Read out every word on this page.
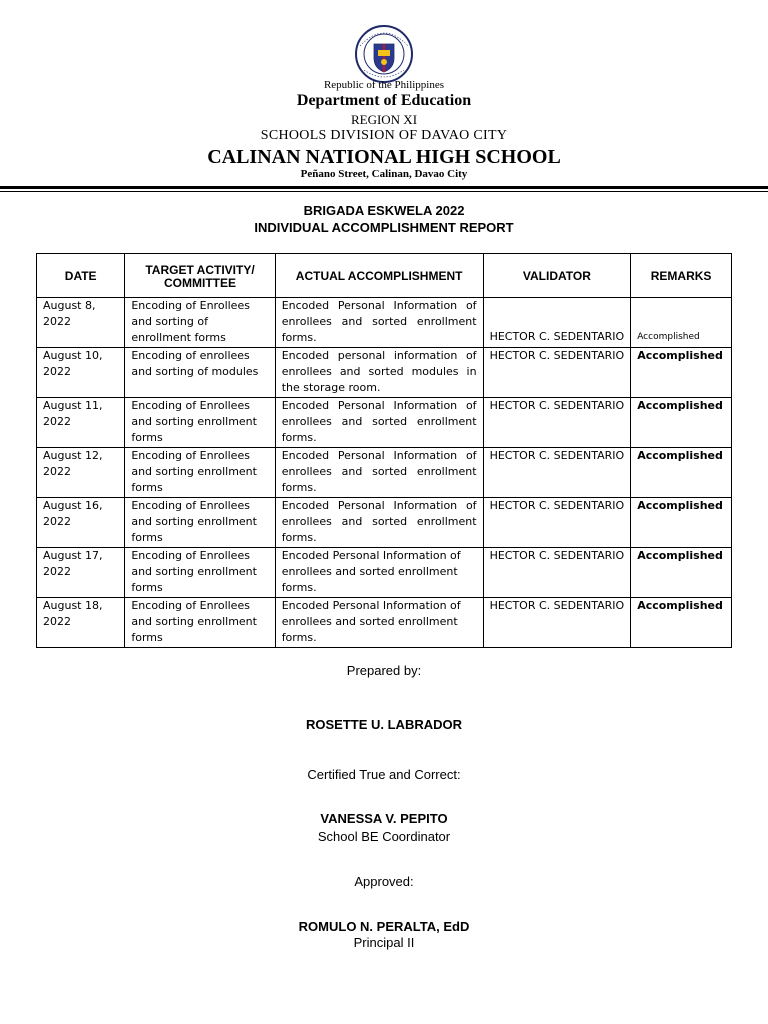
Republic of the Philippines
Department of Education
REGION XI
SCHOOLS DIVISION OF DAVAO CITY
CALINAN NATIONAL HIGH SCHOOL
Peñano Street, Calinan, Davao City
BRIGADA ESKWELA 2022
INDIVIDUAL ACCOMPLISHMENT REPORT
DATE	TARGET ACTIVITY/ COMMITTEE	ACTUAL ACCOMPLISHMENT	VALIDATOR	REMARKS
August 8, 2022	Encoding of Enrollees and sorting of enrollment forms	Encoded Personal Information of enrollees and sorted enrollment forms.	HECTOR C. SEDENTARIO	Accomplished
August 10, 2022	Encoding of enrollees and sorting of modules	Encoded personal information of enrollees and sorted modules in the storage room.	HECTOR C. SEDENTARIO	Accomplished
August 11, 2022	Encoding of Enrollees and sorting enrollment forms	Encoded Personal Information of enrollees and sorted enrollment forms.	HECTOR C. SEDENTARIO	Accomplished
August 12, 2022	Encoding of Enrollees and sorting enrollment forms	Encoded Personal Information of enrollees and sorted enrollment forms.	HECTOR C. SEDENTARIO	Accomplished
August 16, 2022	Encoding of Enrollees and sorting enrollment forms	Encoded Personal Information of enrollees and sorted enrollment forms.	HECTOR C. SEDENTARIO	Accomplished
August 17, 2022	Encoding of Enrollees and sorting enrollment forms	Encoded Personal Information of enrollees and sorted enrollment forms.	HECTOR C. SEDENTARIO	Accomplished
August 18, 2022	Encoding of Enrollees and sorting enrollment forms	Encoded Personal Information of enrollees and sorted enrollment forms.	HECTOR C. SEDENTARIO	Accomplished
Prepared by:
ROSETTE U. LABRADOR
Certified True and Correct:
VANESSA V. PEPITO
School BE Coordinator
Approved:
ROMULO N. PERALTA, EdD
Principal II
